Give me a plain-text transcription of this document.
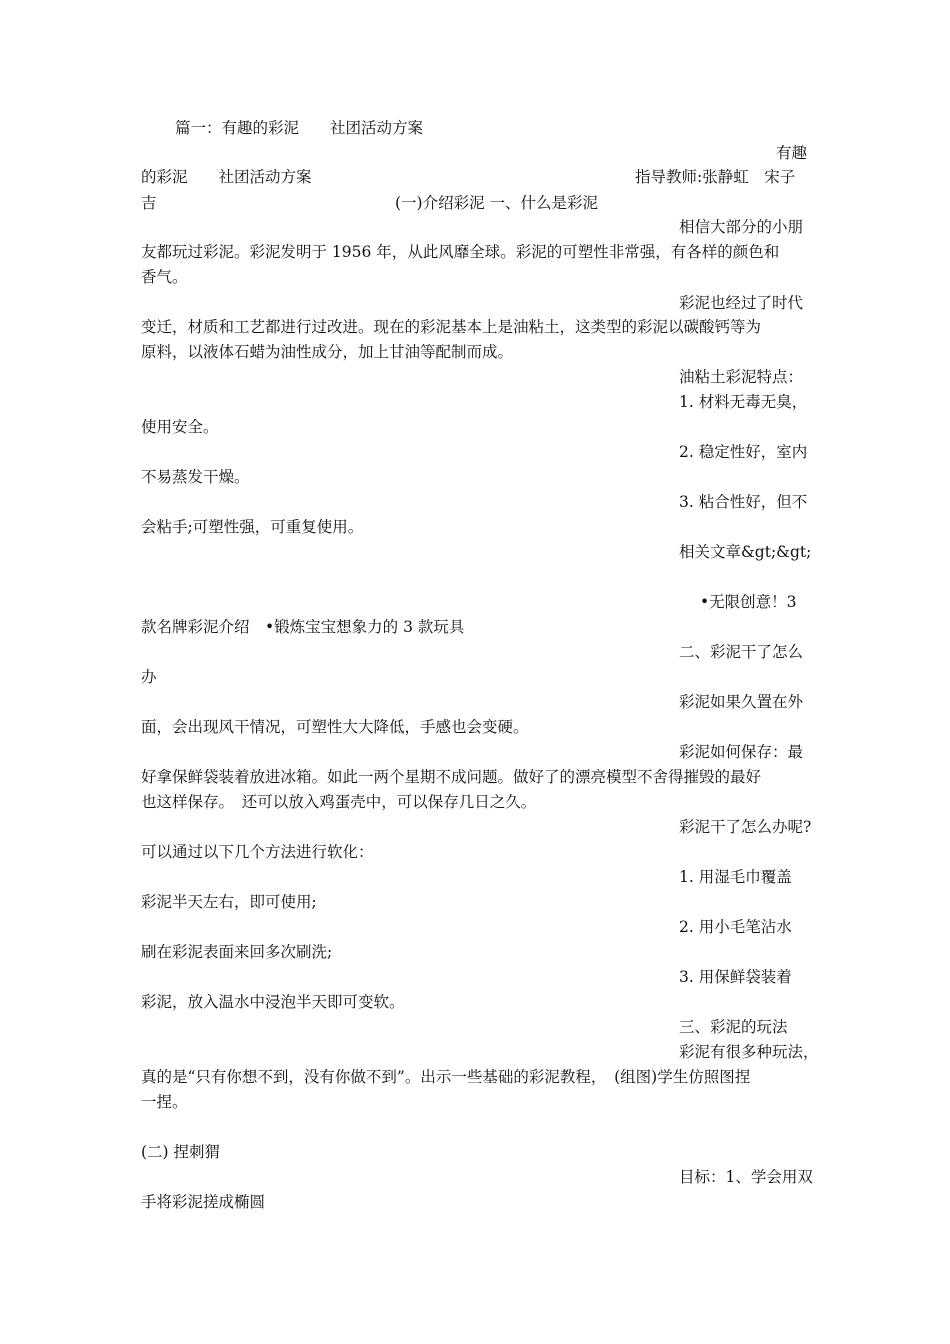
篇一：有趣的彩泥　　社团活动方案
有趣
的彩泥　　社团活动方案	指导教师:张静虹　宋子
吉	(一)介绍彩泥 一、什么是彩泥
相信大部分的小朋
友都玩过彩泥。彩泥发明于 1956 年，从此风靡全球。彩泥的可塑性非常强，有各样的颜色和
香气。
彩泥也经过了时代
变迁，材质和工艺都进行过改进。现在的彩泥基本上是油粘土，这类型的彩泥以碳酸钙等为
原料，以液体石蜡为油性成分，加上甘油等配制而成。
油粘土彩泥特点：
1. 材料无毒无臭，
使用安全。
2. 稳定性好，室内
不易蒸发干燥。
3. 粘合性好，但不
会粘手;可塑性强，可重复使用。
相关文章&gt;&gt;
•无限创意！3
款名牌彩泥介绍　•锻炼宝宝想象力的 3 款玩具
二、彩泥干了怎么
办
彩泥如果久置在外
面，会出现风干情况，可塑性大大降低，手感也会变硬。
彩泥如何保存：最
好拿保鲜袋装着放进冰箱。如此一两个星期不成问题。做好了的漂亮模型不舍得摧毁的最好
也这样保存。　还可以放入鸡蛋壳中，可以保存几日之久。
彩泥干了怎么办呢?
可以通过以下几个方法进行软化：
1. 用湿毛巾覆盖
彩泥半天左右，即可使用;
2. 用小毛笔沾水
刷在彩泥表面来回多次刷洗;
3. 用保鲜袋装着
彩泥，放入温水中浸泡半天即可变软。
三、彩泥的玩法
彩泥有很多种玩法，
真的是“只有你想不到，没有你做不到”。出示一些基础的彩泥教程，　(组图)学生仿照图捏
一捏。
(二) 捏刺猬
目标：1、学会用双
手将彩泥搓成椭圆
